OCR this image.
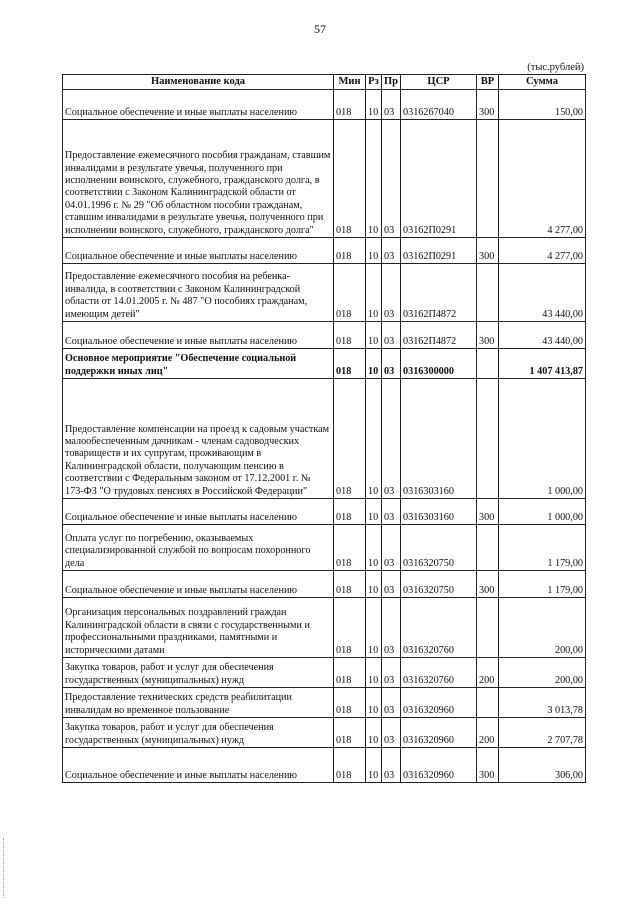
57
(тыс.рублей)
Наименование кода	Мин	Рз	Пр	ЦСР	ВР	Сумма
Социальное обеспечение и иные выплаты населению	018	10	03	0316267040	300	150,00
Предоставление ежемесячного пособия гражданам, ставшим инвалидами в результате увечья, полученного при исполнении воинского, служебного, гражданского долга, в соответствии с Законом Калининградской области от 04.01.1996 г. № 29 "Об областном пособии гражданам, ставшим инвалидами в результате увечья, полученного при исполнении воинского, служебного, гражданского долга"	018	10	03	03162П0291		4 277,00
Социальное обеспечение и иные выплаты населению	018	10	03	03162П0291	300	4 277,00
Предоставление ежемесячного пособия на ребенка-инвалида, в соответствии с Законом Калининградской области от 14.01.2005 г. № 487 "О пособиях гражданам, имеющим детей"	018	10	03	03162П4872		43 440,00
Социальное обеспечение и иные выплаты населению	018	10	03	03162П4872	300	43 440,00
Основное мероприятие "Обеспечение социальной поддержки иных лиц"	018	10	03	0316300000		1 407 413,87
Предоставление компенсации на проезд к садовым участкам малообеспеченным дачникам - членам садоводческих товариществ и их супругам, проживающим в Калининградской области, получающим пенсию в соответствии с Федеральным законом от 17.12.2001 г. № 173-ФЗ "О трудовых пенсиях в Российской Федерации"	018	10	03	0316303160		1 000,00
Социальное обеспечение и иные выплаты населению	018	10	03	0316303160	300	1 000,00
Оплата услуг по погребению, оказываемых специализированной службой по вопросам похоронного дела	018	10	03	0316320750		1 179,00
Социальное обеспечение и иные выплаты населению	018	10	03	0316320750	300	1 179,00
Организация персональных поздравлений граждан Калининградской области в связи с государственными и профессиональными праздниками, памятными и историческими датами	018	10	03	0316320760		200,00
Закупка товаров, работ и услуг для обеспечения государственных (муниципальных) нужд	018	10	03	0316320760	200	200,00
Предоставление технических средств реабилитации инвалидам во временное пользование	018	10	03	0316320960		3 013,78
Закупка товаров, работ и услуг для обеспечения государственных (муниципальных) нужд	018	10	03	0316320960	200	2 707,78
Социальное обеспечение и иные выплаты населению	018	10	03	0316320960	300	306,00
